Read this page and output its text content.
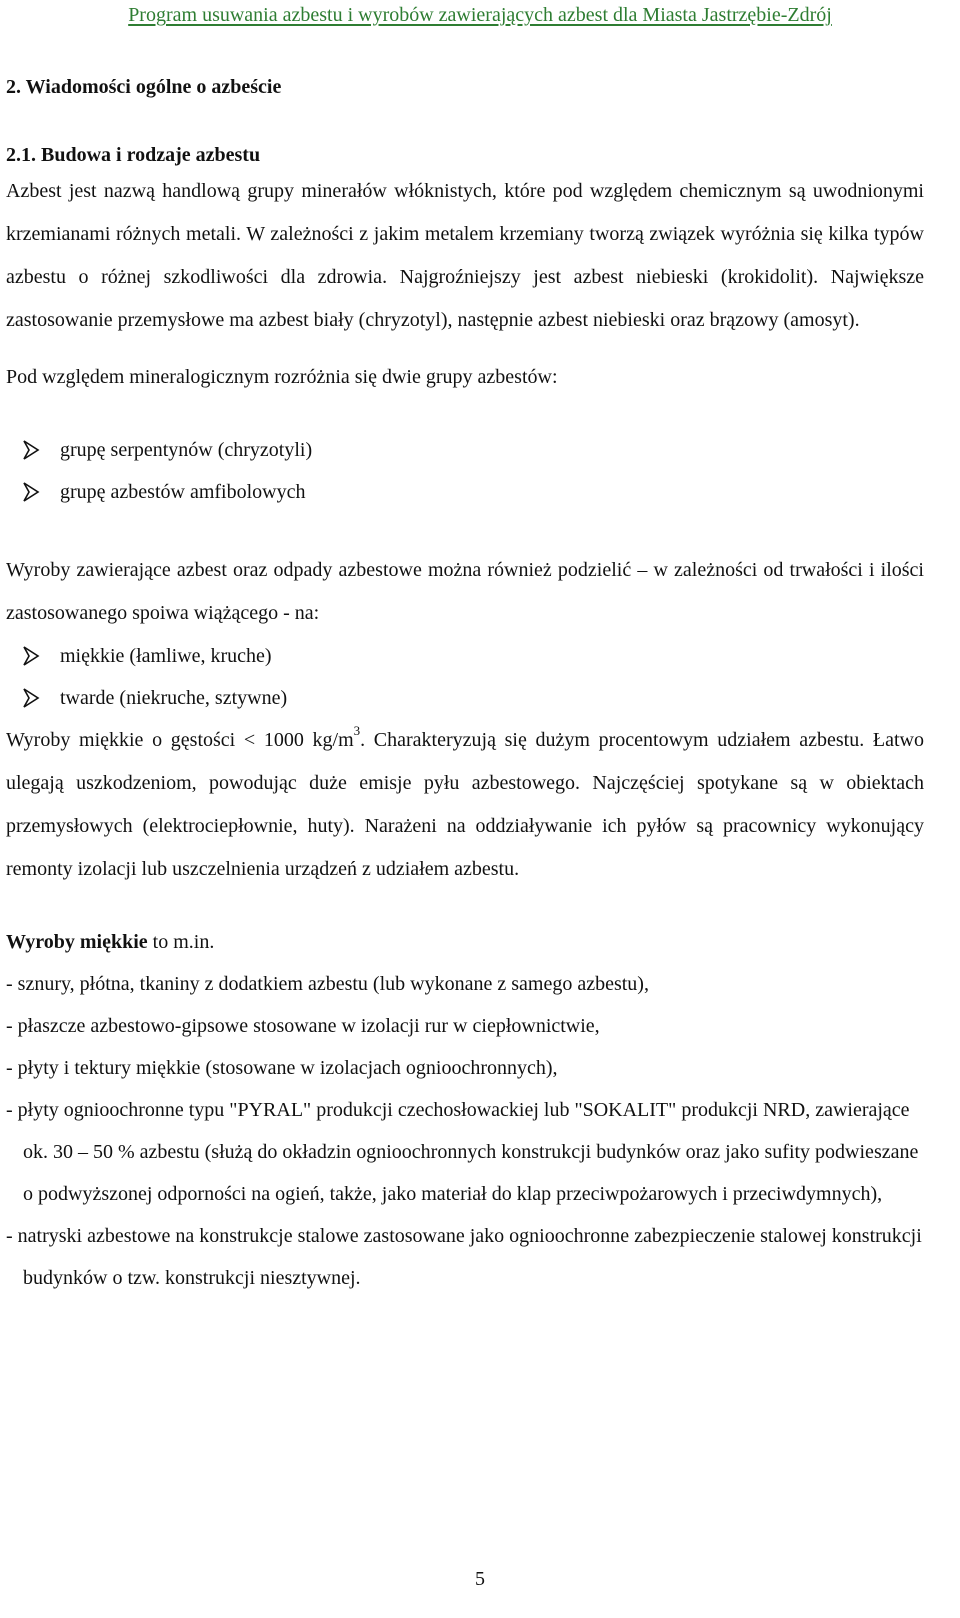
Program usuwania azbestu i wyrobów zawierających azbest dla Miasta Jastrzębie-Zdrój
2. Wiadomości ogólne o azbeście
2.1. Budowa i rodzaje azbestu

Azbest jest nazwą handlową grupy minerałów włóknistych, które pod względem chemicznym są uwodnionymi krzemianami różnych metali. W zależności z jakim metalem krzemiany tworzą związek wyróżnia się kilka typów azbestu o różnej szkodliwości dla zdrowia. Najgroźniejszy jest azbest niebieski (krokidolit). Największe zastosowanie przemysłowe ma azbest biały (chryzotyl), następnie azbest niebieski oraz brązowy (amosyt).

Pod względem mineralogicznym rozróżnia się dwie grupy azbestów:

grupę serpentynów (chryzotyli)
grupę azbestów amfibolowych

Wyroby zawierające azbest oraz odpady azbestowe można również podzielić – w zależności od trwałości i ilości zastosowanego spoiwa wiążącego - na:

miękkie (łamliwe, kruche)
twarde (niekruche, sztywne)

Wyroby miękkie o gęstości < 1000 $kg/m^3$. Charakteryzują się dużym procentowym udziałem azbestu. Łatwo ulegają uszkodzeniom, powodując duże emisje pyłu azbestowego. Najczęściej spotykane są w obiektach przemysłowych (elektrociepłownie, huty). Narażeni na oddziaływanie ich pyłów są pracownicy wykonujący remonty izolacji lub uszczelnienia urządzeń z udziałem azbestu.

Wyroby miękkie to m.in.

- sznury, płótna, tkaniny z dodatkiem azbestu (lub wykonane z samego azbestu),
- płaszcze azbestowo-gipsowe stosowane w izolacji rur w ciepłownictwie,
- płyty i tektury miękkie (stosowane w izolacjach ognioochronnych),
- płyty ognioochronne typu "PYRAL" produkcji czechosłowackiej lub "SOKALIT" produkcji NRD, zawierające ok. 30 – 50 % azbestu (służą do okładzin ognioochronnych konstrukcji budynków oraz jako sufity podwieszane o podwyższonej odporności na ogień, także, jako materiał do klap przeciwpożarowych i przeciwdymnych),
- natryski azbestowe na konstrukcje stalowe zastosowane jako ognioochronne zabezpieczenie stalowej konstrukcji budynków o tzw. konstrukcji niesztywnej.
5
